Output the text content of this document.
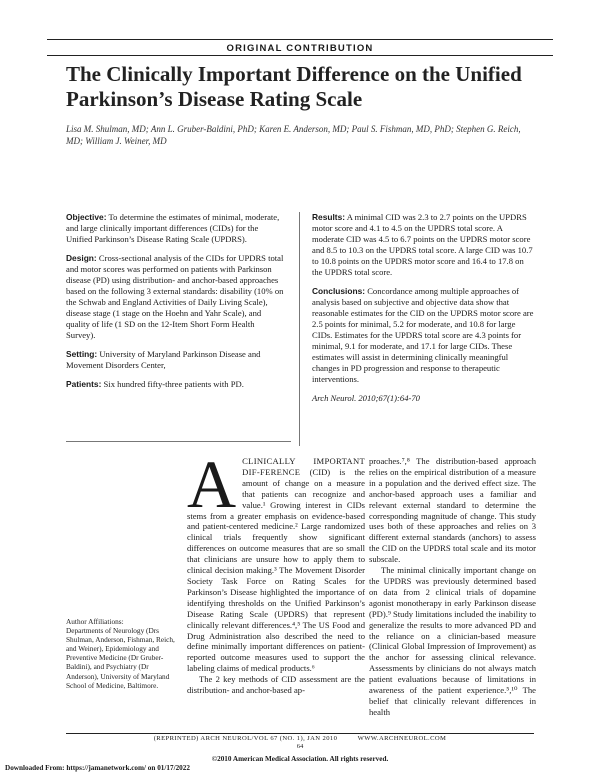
ORIGINAL CONTRIBUTION
The Clinically Important Difference on the Unified Parkinson’s Disease Rating Scale
Lisa M. Shulman, MD; Ann L. Gruber-Baldini, PhD; Karen E. Anderson, MD; Paul S. Fishman, MD, PhD; Stephen G. Reich, MD; William J. Weiner, MD

Objective: To determine the estimates of minimal, moderate, and large clinically important differences (CIDs) for the Unified Parkinson’s Disease Rating Scale (UPDRS).

Design: Cross-sectional analysis of the CIDs for UPDRS total and motor scores was performed on patients with Parkinson disease (PD) using distribution- and anchor-based approaches based on the following 3 external standards: disability (10% on the Schwab and England Activities of Daily Living Scale), disease stage (1 stage on the Hoehn and Yahr Scale), and quality of life (1 SD on the 12-Item Short Form Health Survey).

Setting: University of Maryland Parkinson Disease and Movement Disorders Center,

Patients: Six hundred fifty-three patients with PD.

Results: A minimal CID was 2.3 to 2.7 points on the UPDRS motor score and 4.1 to 4.5 on the UPDRS total score. A moderate CID was 4.5 to 6.7 points on the UPDRS motor score and 8.5 to 10.3 on the UPDRS total score. A large CID was 10.7 to 10.8 points on the UPDRS motor score and 16.4 to 17.8 on the UPDRS total score.

Conclusions: Concordance among multiple approaches of analysis based on subjective and objective data show that reasonable estimates for the CID on the UPDRS motor score are 2.5 points for minimal, 5.2 for moderate, and 10.8 for large CIDs. Estimates for the UPDRS total score are 4.3 points for minimal, 9.1 for moderate, and 17.1 for large CIDs. These estimates will assist in determining clinically meaningful changes in PD progression and response to therapeutic interventions.

Arch Neurol. 2010;67(1):64-70

ACLINICALLY IMPORTANT DIF-FERENCE (CID) is the amount of change on a measure that patients can recognize and value.¹ Growing interest in CIDs stems from a greater emphasis on evidence-based and patient-centered medicine.² Large randomized clinical trials frequently show significant differences on outcome measures that are so small that clinicians are unsure how to apply them to clinical decision making.³ The Movement Disorder Society Task Force on Rating Scales for Parkinson’s Disease highlighted the importance of identifying thresholds on the Unified Parkinson’s Disease Rating Scale (UPDRS) that represent clinically relevant differences.⁴,⁵ The US Food and Drug Administration also described the need to define minimally important differences on patient-reported outcome measures used to support the labeling claims of medical products.⁶

The 2 key methods of CID assessment are the distribution- and anchor-based ap-

proaches.⁷,⁸ The distribution-based approach relies on the empirical distribution of a measure in a population and the derived effect size. The anchor-based approach uses a familiar and relevant external standard to determine the corresponding magnitude of change. This study uses both of these approaches and relies on 3 different external standards (anchors) to assess the CID on the UPDRS total scale and its motor subscale.

The minimal clinically important change on the UPDRS was previously determined based on data from 2 clinical trials of dopamine agonist monotherapy in early Parkinson disease (PD).⁹ Study limitations included the inability to generalize the results to more advanced PD and the reliance on a clinician-based measure (Clinical Global Impression of Improvement) as the anchor for assessing clinical relevance. Assessments by clinicians do not always match patient evaluations because of limitations in awareness of the patient experience.⁵,¹⁰ The belief that clinically relevant differences in health

Author Affiliations:
Departments of Neurology (Drs Shulman, Anderson, Fishman, Reich, and Weiner), Epidemiology and Preventive Medicine (Dr Gruber-Baldini), and Psychiatry (Dr Anderson), University of Maryland School of Medicine, Baltimore.
(REPRINTED) ARCH NEUROL/VOL 67 (NO. 1), JAN 2010          WWW.ARCHNEUROL.COM
64
©2010 American Medical Association. All rights reserved.
Downloaded From: https://jamanetwork.com/ on 01/17/2022
